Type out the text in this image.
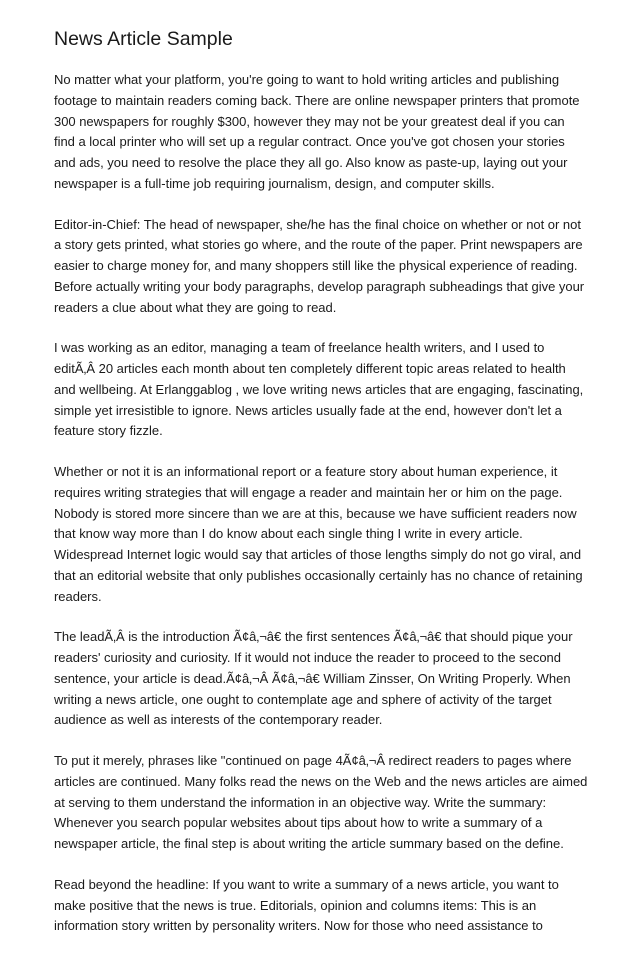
News Article Sample

No matter what your platform, you're going to want to hold writing articles and publishing
footage to maintain readers coming back. There are online newspaper printers that promote
300 newspapers for roughly $300, however they may not be your greatest deal if you can
find a local printer who will set up a regular contract. Once you've got chosen your stories
and ads, you need to resolve the place they all go. Also know as paste-up, laying out your
newspaper is a full-time job requiring journalism, design, and computer skills.

Editor-in-Chief: The head of newspaper, she/he has the final choice on whether or not or not
a story gets printed, what stories go where, and the route of the paper. Print newspapers are
easier to charge money for, and many shoppers still like the physical experience of reading.
Before actually writing your body paragraphs, develop paragraph subheadings that give your
readers a clue about what they are going to read.

I was working as an editor, managing a team of freelance health writers, and I used to
editÃ‚Â 20 articles each month about ten completely different topic areas related to health
and wellbeing. At Erlanggablog , we love writing news articles that are engaging, fascinating,
simple yet irresistible to ignore. News articles usually fade at the end, however don't let a
feature story fizzle.

Whether or not it is an informational report or a feature story about human experience, it
requires writing strategies that will engage a reader and maintain her or him on the page.
Nobody is stored more sincere than we are at this, because we have sufficient readers now
that know way more than I do know about each single thing I write in every article.
Widespread Internet logic would say that articles of those lengths simply do not go viral, and
that an editorial website that only publishes occasionally certainly has no chance of retaining
readers.

The leadÃ‚Â is the introduction Ã¢â‚¬â€ the first sentences Ã¢â‚¬â€ that should pique your
readers' curiosity and curiosity. If it would not induce the reader to proceed to the second
sentence, your article is dead.Ã¢â‚¬Â Ã¢â‚¬â€ William Zinsser, On Writing Properly. When
writing a news article, one ought to contemplate age and sphere of activity of the target
audience as well as interests of the contemporary reader.

To put it merely, phrases like "continued on page 4Ã¢â‚¬Â redirect readers to pages where
articles are continued. Many folks read the news on the Web and the news articles are aimed
at serving to them understand the information in an objective way. Write the summary:
Whenever you search popular websites about tips about how to write a summary of a
newspaper article, the final step is about writing the article summary based on the define.

Read beyond the headline: If you want to write a summary of a news article, you want to
make positive that the news is true. Editorials, opinion and columns items: This is an
information story written by personality writers. Now for those who need assistance to
